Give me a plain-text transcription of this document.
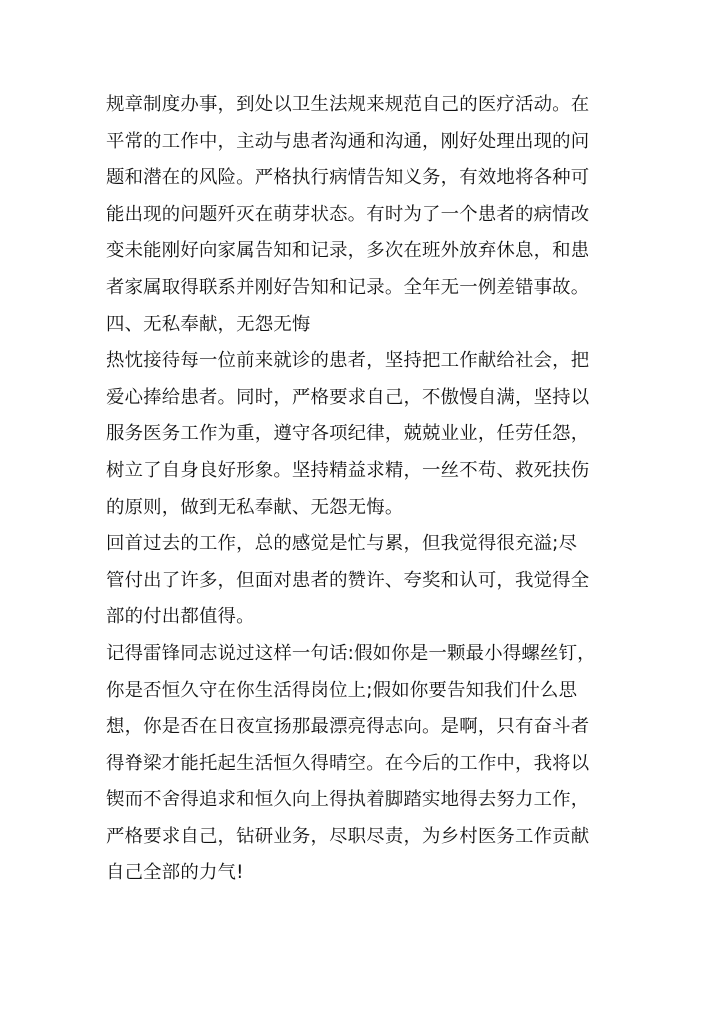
规章制度办事，到处以卫生法规来规范自己的医疗活动。在
平常的工作中，主动与患者沟通和沟通，刚好处理出现的问
题和潜在的风险。严格执行病情告知义务，有效地将各种可
能出现的问题歼灭在萌芽状态。有时为了一个患者的病情改
变未能刚好向家属告知和记录，多次在班外放弃休息，和患
者家属取得联系并刚好告知和记录。全年无一例差错事故。
四、无私奉献，无怨无悔
热忱接待每一位前来就诊的患者，坚持把工作献给社会，把
爱心捧给患者。同时，严格要求自己，不傲慢自满，坚持以
服务医务工作为重，遵守各项纪律，兢兢业业，任劳任怨，
树立了自身良好形象。坚持精益求精，一丝不苟、救死扶伤
的原则，做到无私奉献、无怨无悔。
回首过去的工作，总的感觉是忙与累，但我觉得很充溢;尽
管付出了许多，但面对患者的赞许、夸奖和认可，我觉得全
部的付出都值得。
记得雷锋同志说过这样一句话:假如你是一颗最小得螺丝钉，
你是否恒久守在你生活得岗位上;假如你要告知我们什么思
想，你是否在日夜宣扬那最漂亮得志向。是啊，只有奋斗者
得脊梁才能托起生活恒久得晴空。在今后的工作中，我将以
锲而不舍得追求和恒久向上得执着脚踏实地得去努力工作，
严格要求自己，钻研业务，尽职尽责，为乡村医务工作贡献
自己全部的力气!
